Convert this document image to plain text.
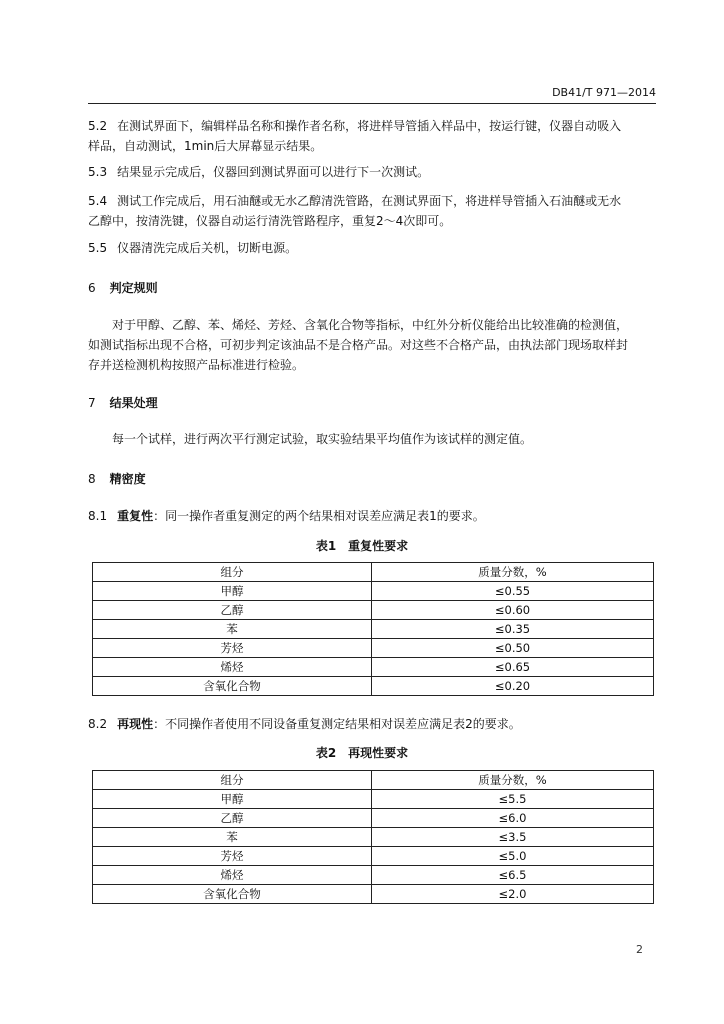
DB41/T 971—2014
5.2 在测试界面下，编辑样品名称和操作者名称，将进样导管插入样品中，按运行键，仪器自动吸入
样品，自动测试，1min后大屏幕显示结果。
5.3 结果显示完成后，仪器回到测试界面可以进行下一次测试。
5.4 测试工作完成后，用石油醚或无水乙醇清洗管路，在测试界面下，将进样导管插入石油醚或无水
乙醇中，按清洗键，仪器自动运行清洗管路程序，重复2～4次即可。
5.5 仪器清洗完成后关机，切断电源。
6 判定规则
对于甲醇、乙醇、苯、烯烃、芳烃、含氧化合物等指标，中红外分析仪能给出比较准确的检测值，
如测试指标出现不合格，可初步判定该油品不是合格产品。对这些不合格产品，由执法部门现场取样封
存并送检测机构按照产品标准进行检验。
7 结果处理
每一个试样，进行两次平行测定试验，取实验结果平均值作为该试样的测定值。
8 精密度
8.1 重复性：同一操作者重复测定的两个结果相对误差应满足表1的要求。
表1　重复性要求
组分	质量分数，%
甲醇	≤0.55
乙醇	≤0.60
苯	≤0.35
芳烃	≤0.50
烯烃	≤0.65
含氧化合物	≤0.20
8.2 再现性：不同操作者使用不同设备重复测定结果相对误差应满足表2的要求。
表2　再现性要求
组分	质量分数，%
甲醇	≤5.5
乙醇	≤6.0
苯	≤3.5
芳烃	≤5.0
烯烃	≤6.5
含氧化合物	≤2.0
2
